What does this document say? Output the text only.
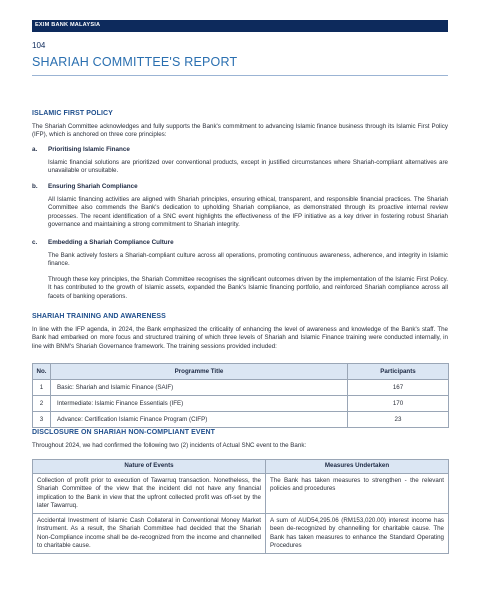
EXIM BANK MALAYSIA
104
SHARIAH COMMITTEE'S REPORT
ISLAMIC FIRST POLICY
The Shariah Committee acknowledges and fully supports the Bank's commitment to advancing Islamic finance business through its Islamic First Policy (IFP), which is anchored on three core principles:
a. Prioritising Islamic Finance
Islamic financial solutions are prioritized over conventional products, except in justified circumstances where Shariah-compliant alternatives are unavailable or unsuitable.
b. Ensuring Shariah Compliance
All Islamic financing activities are aligned with Shariah principles, ensuring ethical, transparent, and responsible financial practices. The Shariah Committee also commends the Bank's dedication to upholding Shariah compliance, as demonstrated through its proactive internal review processes. The recent identification of a SNC event highlights the effectiveness of the IFP initiative as a key driver in fostering robust Shariah governance and maintaining a strong commitment to Shariah integrity.
c. Embedding a Shariah Compliance Culture
The Bank actively fosters a Shariah-compliant culture across all operations, promoting continuous awareness, adherence, and integrity in Islamic finance.
Through these key principles, the Shariah Committee recognises the significant outcomes driven by the implementation of the Islamic First Policy. It has contributed to the growth of Islamic assets, expanded the Bank's Islamic financing portfolio, and reinforced Shariah compliance across all facets of banking operations.
SHARIAH TRAINING AND AWARENESS
In line with the IFP agenda, in 2024, the Bank emphasized the criticality of enhancing the level of awareness and knowledge of the Bank's staff. The Bank had embarked on more focus and structured training of which three levels of Shariah and Islamic Finance training were conducted internally, in line with BNM's Shariah Governance framework. The training sessions provided included:
No.	Programme Title	Participants
1	Basic: Shariah and Islamic Finance (SAIF)	167
2	Intermediate: Islamic Finance Essentials (IFE)	170
3	Advance: Certification Islamic Finance Program (CIFP)	23
DISCLOSURE ON SHARIAH NON-COMPLIANT EVENT
Throughout 2024, we had confirmed the following two (2) incidents of Actual SNC event to the Bank:
Nature of Events	Measures Undertaken
Collection of profit prior to execution of Tawarruq transaction. Nonetheless, the Shariah Committee of the view that the incident did not have any financial implication to the Bank in view that the upfront collected profit was off-set by the later Tawarruq.	The Bank has taken measures to strengthen - the relevant policies and procedures
Accidental Investment of Islamic Cash Collateral in Conventional Money Market Instrument. As a result, the Shariah Committee had decided that the Shariah Non-Compliance income shall be de-recognized from the income and channelled to charitable cause.	A sum of AUD54,295.06 (RM153,020.00) interest income has been de-recognized by channelling for charitable cause. The Bank has taken measures to enhance the Standard Operating Procedures
